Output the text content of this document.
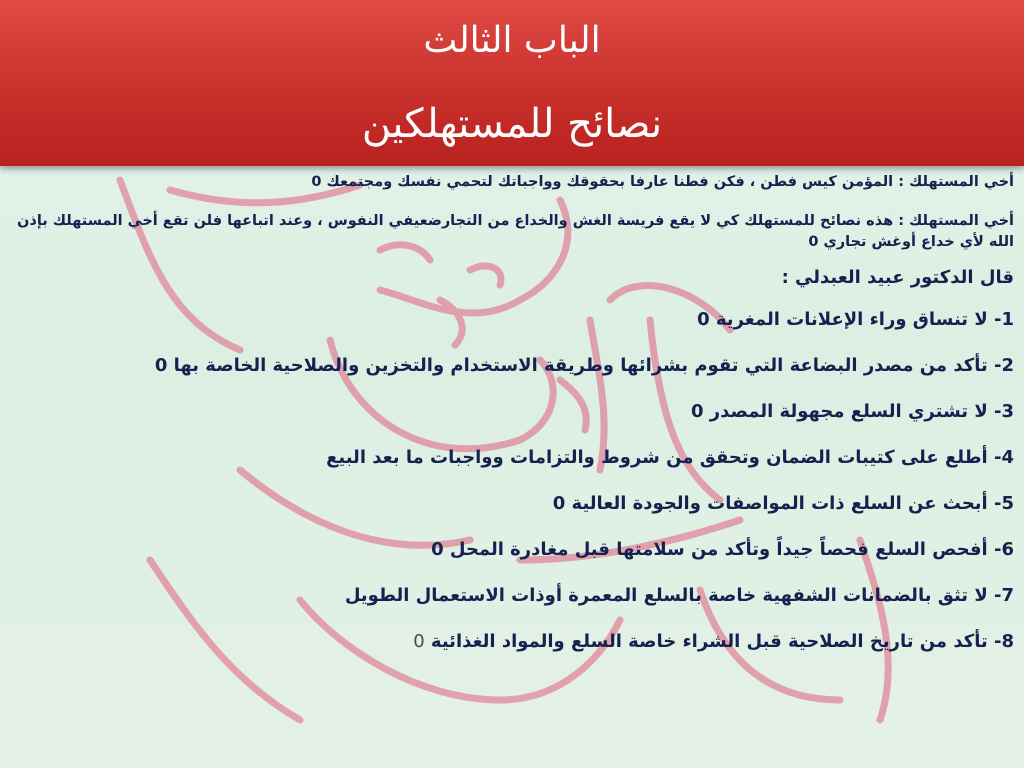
الباب الثالث
نصائح للمستهلكين

أخي المستهلك : المؤمن كيس فطن ، فكن فطنا عارفا بحقوقك وواجباتك لتحمي نفسك ومجتمعك 0

أخي المستهلك : هذه نصائح للمستهلك كي لا يقع فريسة الغش والخداع من التجارضعيفي النفوس ، وعند اتباعها فلن تقع أخي المستهلك بإذن الله لأي خداع أوغش تجاري 0

قال الدكتور عبيد العبدلي :
1- لا تنساق وراء الإعلانات المغرية 0
2- تأكد من مصدر البضاعة التي تقوم بشرائها وطريقة الاستخدام والتخزين والصلاحية الخاصة بها 0
3- لا تشتري السلع مجهولة المصدر 0
4- أطلع على كتيبات الضمان وتحقق من شروط والتزامات وواجبات ما بعد البيع
5- أبحث عن السلع ذات المواصفات والجودة العالية 0
6- أفحص السلع فحصاً جيداً وتأكد من سلامتها قبل مغادرة المحل 0
7- لا تثق بالضمانات الشفهية خاصة بالسلع المعمرة أوذات الاستعمال الطويل
8- تأكد من تاريخ الصلاحية قبل الشراء خاصة السلع والمواد الغذائية 0
